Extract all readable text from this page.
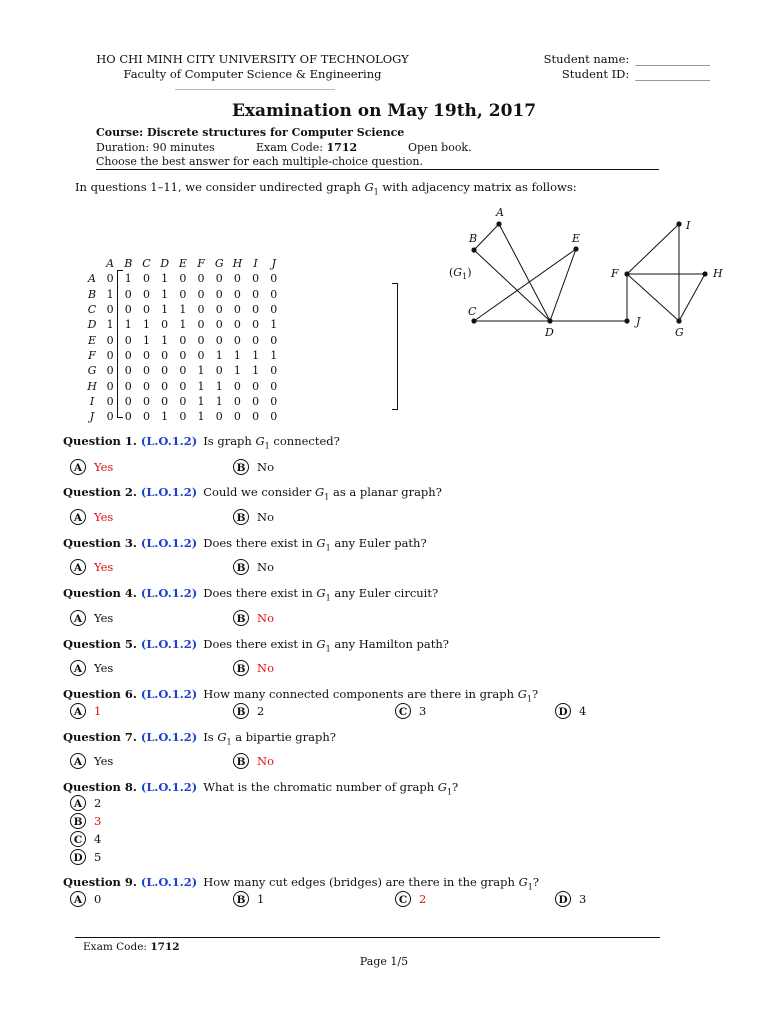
HO CHI MINH CITY UNIVERSITY OF TECHNOLOGY
Faculty of Computer Science & Engineering
Student name: _____________
Student ID: _____________
Examination on May 19th, 2017
Course: Discrete structures for Computer Science
Duration: 90 minutes	Exam Code: 1712	Open book.
Choose the best answer for each multiple-choice question.
In questions 1–11, we consider undirected graph $G_1$ with adjacency matrix as follows:
	A	B	C	D	E	F	G	H	I	J
A	0	1	0	1	0	0	0	0	0	0
B	1	0	0	1	0	0	0	0	0	0
C	0	0	0	1	1	0	0	0	0	0
D	1	1	1	0	1	0	0	0	0	1
E	0	0	1	1	0	0	0	0	0	0
F	0	0	0	0	0	0	1	1	1	1
G	0	0	0	0	0	1	0	1	1	0
H	0	0	0	0	0	1	1	0	0	0
I	0	0	0	0	0	1	1	0	0	0
J	0	0	0	1	0	1	0	0	0	0
A
B
C
D
E
F
G
H
I
J
$(G_1)$
Question 1. (L.O.1.2) Is graph $G_1$ connected?
A	Yes	B	No
Question 2. (L.O.1.2) Could we consider $G_1$ as a planar graph?
A	Yes	B	No
Question 3. (L.O.1.2) Does there exist in $G_1$ any Euler path?
A	Yes	B	No
Question 4. (L.O.1.2) Does there exist in $G_1$ any Euler circuit?
A	Yes	B	No
Question 5. (L.O.1.2) Does there exist in $G_1$ any Hamilton path?
A	Yes	B	No
Question 6. (L.O.1.2) How many connected components are there in graph $G_1$?
A	1	B	2	C	3	D 4
Question 7. (L.O.1.2) Is $G_1$ a bipartie graph?
A	Yes	B	No
Question 8. (L.O.1.2) What is the chromatic number of graph $G_1$?
A	2
B	3
C	4
D 5
Question 9. (L.O.1.2) How many cut edges (bridges) are there in the graph $G_1$?
A	0	B	1	C	2	D 3
Exam Code: 1712
Page 1/5
